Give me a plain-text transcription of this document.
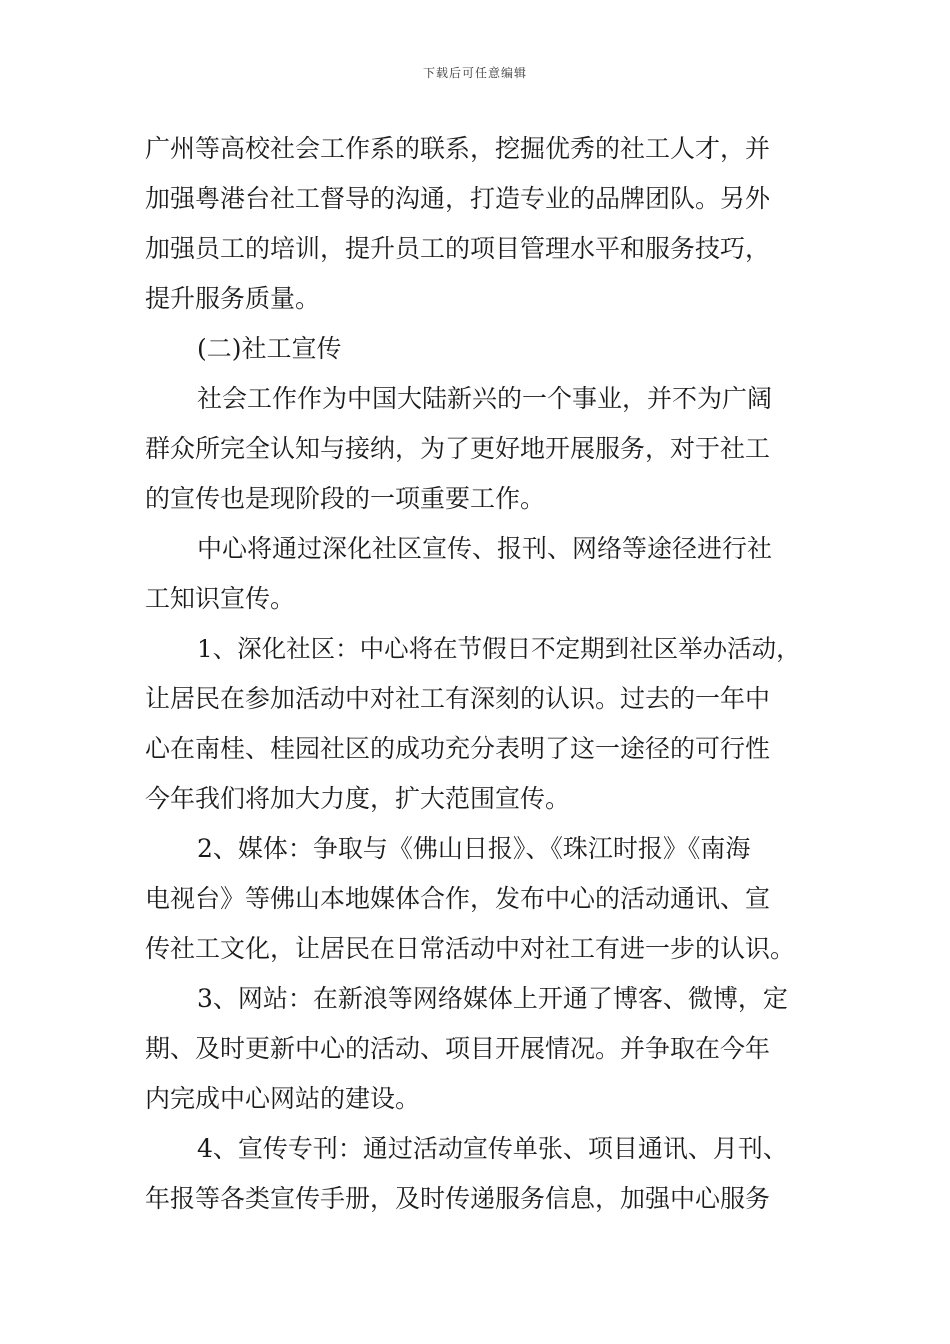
下载后可任意编辑
广州等高校社会工作系的联系，挖掘优秀的社工人才，并
加强粤港台社工督导的沟通，打造专业的品牌团队。另外
加强员工的培训，提升员工的项目管理水平和服务技巧，
提升服务质量。
(二)社工宣传
社会工作作为中国大陆新兴的一个事业，并不为广阔
群众所完全认知与接纳，为了更好地开展服务，对于社工
的宣传也是现阶段的一项重要工作。
中心将通过深化社区宣传、报刊、网络等途径进行社
工知识宣传。
1、深化社区：中心将在节假日不定期到社区举办活动，
让居民在参加活动中对社工有深刻的认识。过去的一年中
心在南桂、桂园社区的成功充分表明了这一途径的可行性
今年我们将加大力度，扩大范围宣传。
2、媒体：争取与《佛山日报》、《珠江时报》《南海
电视台》等佛山本地媒体合作，发布中心的活动通讯、宣
传社工文化，让居民在日常活动中对社工有进一步的认识。
3、网站：在新浪等网络媒体上开通了博客、微博，定
期、及时更新中心的活动、项目开展情况。并争取在今年
内完成中心网站的建设。
4、宣传专刊：通过活动宣传单张、项目通讯、月刊、
年报等各类宣传手册，及时传递服务信息，加强中心服务
